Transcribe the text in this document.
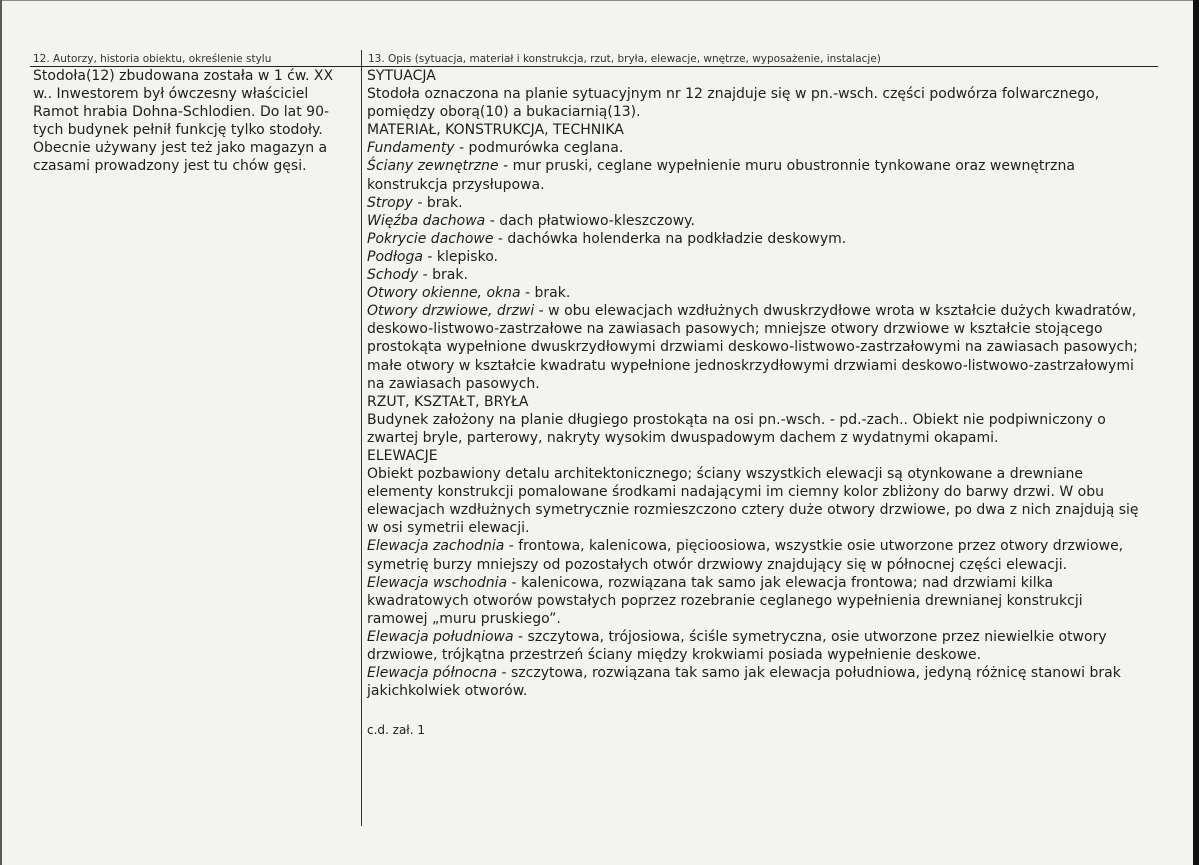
12. Autorzy, historia obiektu, określenie stylu	13. Opis (sytuacja, materiał i konstrukcja, rzut, bryła, elewacje, wnętrze, wyposażenie, instalacje)
Stodoła(12) zbudowana została w 1 ćw. XX
w.. Inwestorem był ówczesny właściciel
Ramot hrabia Dohna-Schlodien. Do lat 90-
tych budynek pełnił funkcję tylko stodoły.
Obecnie używany jest też jako magazyn a
czasami prowadzony jest tu chów gęsi.
SYTUACJA
Stodoła oznaczona na planie sytuacyjnym nr 12 znajduje się w pn.-wsch. części podwórza folwarcznego,
pomiędzy oborą(10) a bukaciarnią(13).
MATERIAŁ, KONSTRUKCJA, TECHNIKA
Fundamenty - podmurówka ceglana.
Ściany zewnętrzne - mur pruski, ceglane wypełnienie muru obustronnie tynkowane oraz wewnętrzna
konstrukcja przysłupowa.
Stropy - brak.
Więźba dachowa - dach płatwiowo-kleszczowy.
Pokrycie dachowe - dachówka holenderka na podkładzie deskowym.
Podłoga - klepisko.
Schody - brak.
Otwory okienne, okna - brak.
Otwory drzwiowe, drzwi - w obu elewacjach wzdłużnych dwuskrzydłowe wrota w kształcie dużych kwadratów,
deskowo-listwowo-zastrzałowe na zawiasach pasowych; mniejsze otwory drzwiowe w kształcie stojącego
prostokąta wypełnione dwuskrzydłowymi drzwiami deskowo-listwowo-zastrzałowymi na zawiasach pasowych;
małe otwory w kształcie kwadratu wypełnione jednoskrzydłowymi drzwiami deskowo-listwowo-zastrzałowymi
na zawiasach pasowych.
RZUT, KSZTAŁT, BRYŁA
Budynek założony na planie długiego prostokąta na osi pn.-wsch. - pd.-zach.. Obiekt nie podpiwniczony o
zwartej bryle, parterowy, nakryty wysokim dwuspadowym dachem z wydatnymi okapami.
ELEWACJE
Obiekt pozbawiony detalu architektonicznego; ściany wszystkich elewacji są otynkowane a drewniane
elementy konstrukcji pomalowane środkami nadającymi im ciemny kolor zbliżony do barwy drzwi. W obu
elewacjach wzdłużnych symetrycznie rozmieszczono cztery duże otwory drzwiowe, po dwa z nich znajdują się
w osi symetrii elewacji.
Elewacja zachodnia - frontowa, kalenicowa, pięcioosiowa, wszystkie osie utworzone przez otwory drzwiowe,
symetrię burzy mniejszy od pozostałych otwór drzwiowy znajdujący się w północnej części elewacji.
Elewacja wschodnia - kalenicowa, rozwiązana tak samo jak elewacja frontowa; nad drzwiami kilka
kwadratowych otworów powstałych poprzez rozebranie ceglanego wypełnienia drewnianej konstrukcji
ramowej „muru pruskiego”.
Elewacja południowa - szczytowa, trójosiowa, ściśle symetryczna, osie utworzone przez niewielkie otwory
drzwiowe, trójkątna przestrzeń ściany między krokwiami posiada wypełnienie deskowe.
Elewacja północna - szczytowa, rozwiązana tak samo jak elewacja południowa, jedyną różnicę stanowi brak
jakichkolwiek otworów.
c.d. zał. 1
